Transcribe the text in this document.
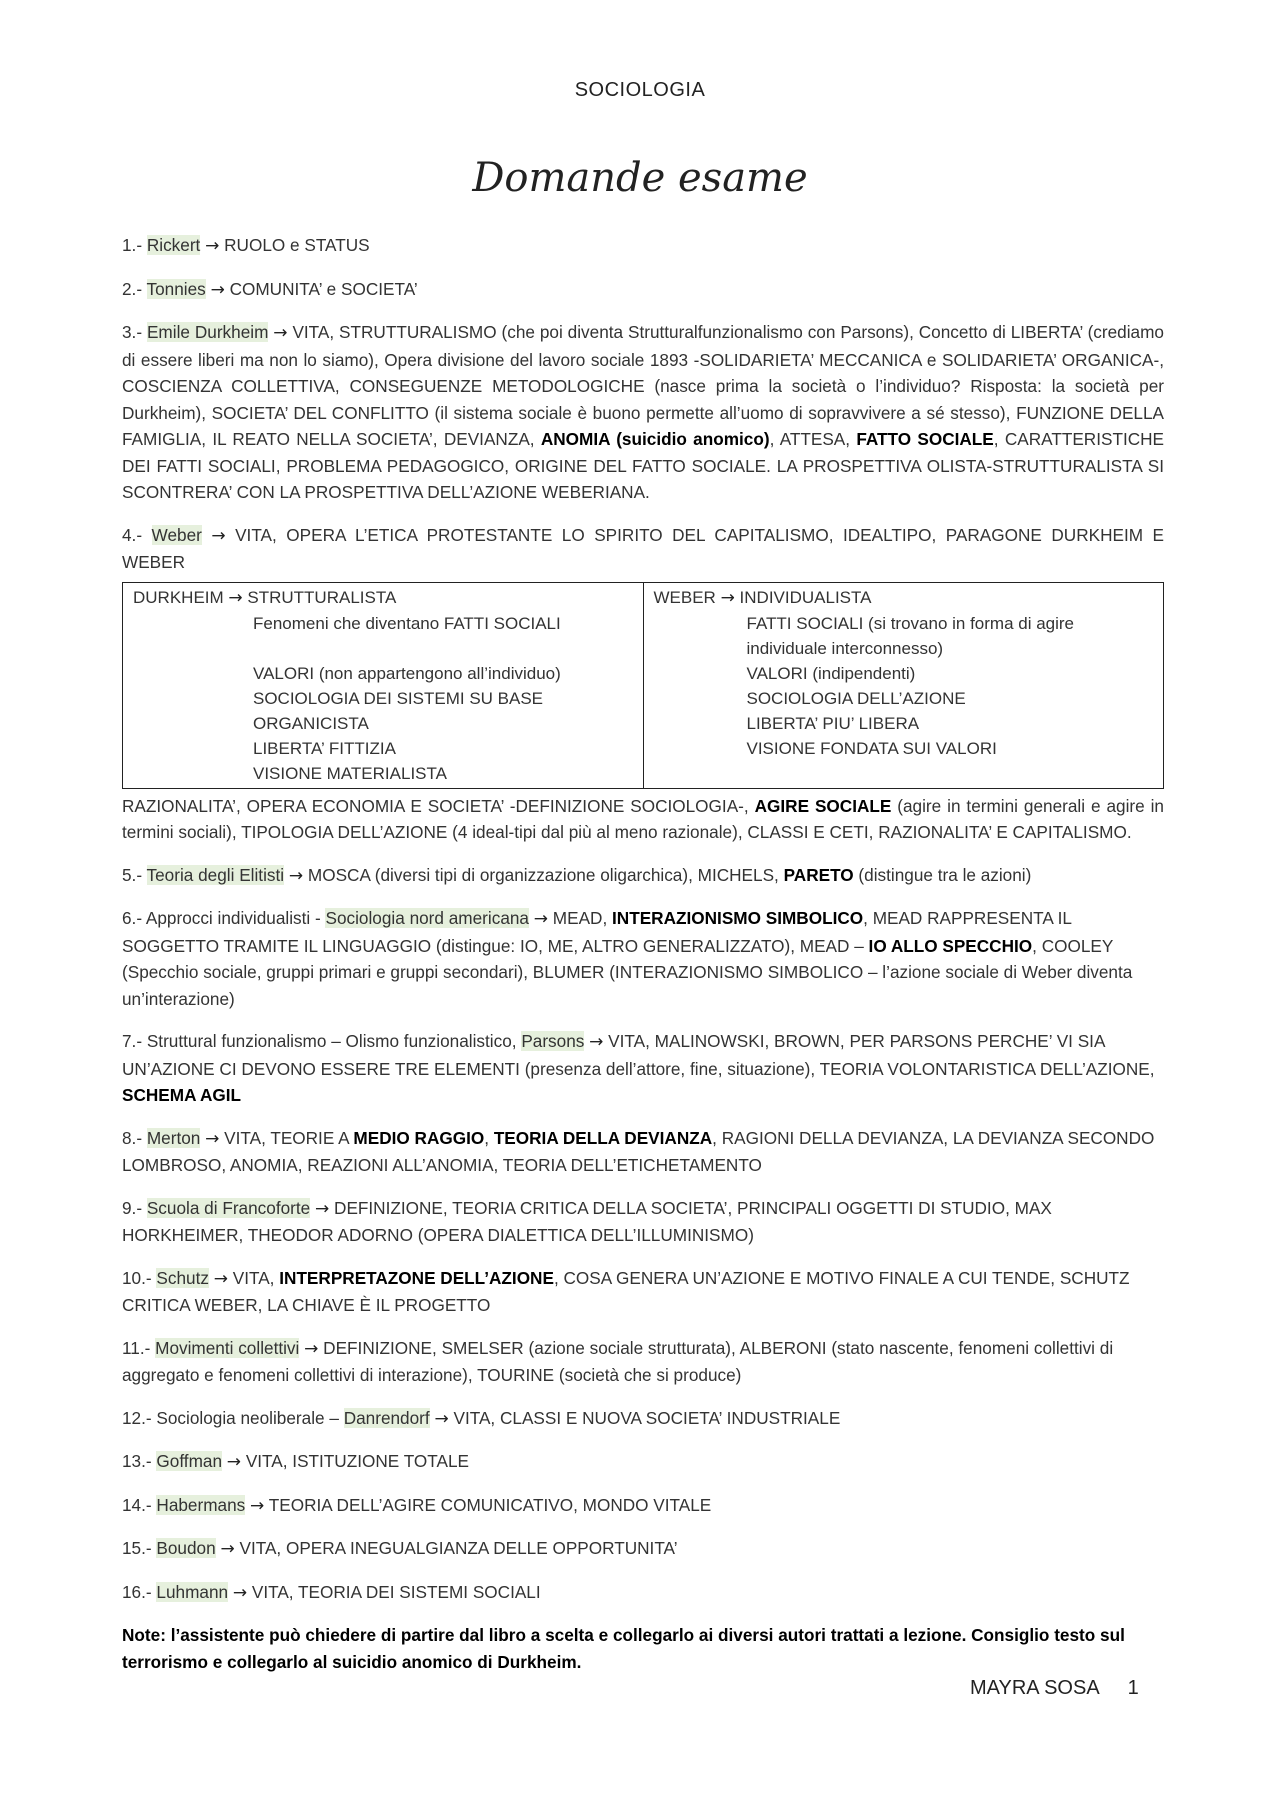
SOCIOLOGIA
Domande esame

1.- Rickert → RUOLO e STATUS

2.- Tonnies → COMUNITA’ e SOCIETA’

3.- Emile Durkheim → VITA, STRUTTURALISMO (che poi diventa Strutturalfunzionalismo con Parsons), Concetto di LIBERTA’ (crediamo di essere liberi ma non lo siamo), Opera divisione del lavoro sociale 1893 -SOLIDARIETA’ MECCANICA e SOLIDARIETA’ ORGANICA-, COSCIENZA COLLETTIVA, CONSEGUENZE METODOLOGICHE (nasce prima la società o l’individuo? Risposta: la società per Durkheim), SOCIETA’ DEL CONFLITTO (il sistema sociale è buono permette all’uomo di sopravvivere a sé stesso), FUNZIONE DELLA FAMIGLIA, IL REATO NELLA SOCIETA’, DEVIANZA, ANOMIA (suicidio anomico), ATTESA, FATTO SOCIALE, CARATTERISTICHE DEI FATTI SOCIALI, PROBLEMA PEDAGOGICO, ORIGINE DEL FATTO SOCIALE. LA PROSPETTIVA OLISTA-STRUTTURALISTA SI SCONTRERA’ CON LA PROSPETTIVA DELL’AZIONE WEBERIANA.

4.- Weber → VITA, OPERA L’ETICA PROTESTANTE LO SPIRITO DEL CAPITALISMO, IDEALTIPO, PARAGONE DURKHEIM E WEBER

DURKHEIM → STRUTTURALISTA
Fenomeni che diventano FATTI SOCIALI
VALORI (non appartengono all’individuo)
SOCIOLOGIA DEI SISTEMI SU BASE ORGANICISTA
LIBERTA’ FITTIZIA
VISIONE MATERIALISTA

WEBER → INDIVIDUALISTA
FATTI SOCIALI (si trovano in forma di agire individuale interconnesso)
VALORI (indipendenti)
SOCIOLOGIA DELL’AZIONE
LIBERTA’ PIU’ LIBERA
VISIONE FONDATA SUI VALORI

RAZIONALITA’, OPERA ECONOMIA E SOCIETA’ -DEFINIZIONE SOCIOLOGIA-, AGIRE SOCIALE (agire in termini generali e agire in termini sociali), TIPOLOGIA DELL’AZIONE (4 ideal-tipi dal più al meno razionale), CLASSI E CETI, RAZIONALITA’ E CAPITALISMO.

5.- Teoria degli Elitisti → MOSCA (diversi tipi di organizzazione oligarchica), MICHELS, PARETO (distingue tra le azioni)

6.- Approcci individualisti - Sociologia nord americana → MEAD, INTERAZIONISMO SIMBOLICO, MEAD RAPPRESENTA IL SOGGETTO TRAMITE IL LINGUAGGIO (distingue: IO, ME, ALTRO GENERALIZZATO), MEAD – IO ALLO SPECCHIO, COOLEY (Specchio sociale, gruppi primari e gruppi secondari), BLUMER (INTERAZIONISMO SIMBOLICO – l’azione sociale di Weber diventa un’interazione)

7.- Struttural funzionalismo – Olismo funzionalistico, Parsons → VITA, MALINOWSKI, BROWN, PER PARSONS PERCHE’ VI SIA UN’AZIONE CI DEVONO ESSERE TRE ELEMENTI (presenza dell’attore, fine, situazione), TEORIA VOLONTARISTICA DELL’AZIONE, SCHEMA AGIL

8.- Merton → VITA, TEORIE A MEDIO RAGGIO, TEORIA DELLA DEVIANZA, RAGIONI DELLA DEVIANZA, LA DEVIANZA SECONDO LOMBROSO, ANOMIA, REAZIONI ALL’ANOMIA, TEORIA DELL’ETICHETAMENTO

9.- Scuola di Francoforte → DEFINIZIONE, TEORIA CRITICA DELLA SOCIETA’, PRINCIPALI OGGETTI DI STUDIO, MAX HORKHEIMER, THEODOR ADORNO (OPERA DIALETTICA DELL’ILLUMINISMO)

10.- Schutz → VITA, INTERPRETAZONE DELL’AZIONE, COSA GENERA UN’AZIONE E MOTIVO FINALE A CUI TENDE, SCHUTZ CRITICA WEBER, LA CHIAVE È IL PROGETTO

11.- Movimenti collettivi → DEFINIZIONE, SMELSER (azione sociale strutturata), ALBERONI (stato nascente, fenomeni collettivi di aggregato e fenomeni collettivi di interazione), TOURINE (società che si produce)

12.- Sociologia neoliberale – Danrendorf → VITA, CLASSI E NUOVA SOCIETA’ INDUSTRIALE

13.- Goffman → VITA, ISTITUZIONE TOTALE

14.- Habermans → TEORIA DELL’AGIRE COMUNICATIVO, MONDO VITALE

15.- Boudon → VITA, OPERA INEGUALGIANZA DELLE OPPORTUNITA’

16.- Luhmann → VITA, TEORIA DEI SISTEMI SOCIALI

Note: l’assistente può chiedere di partire dal libro a scelta e collegarlo ai diversi autori trattati a lezione. Consiglio testo sul terrorismo e collegarlo al suicidio anomico di Durkheim.

MAYRA SOSA 1
